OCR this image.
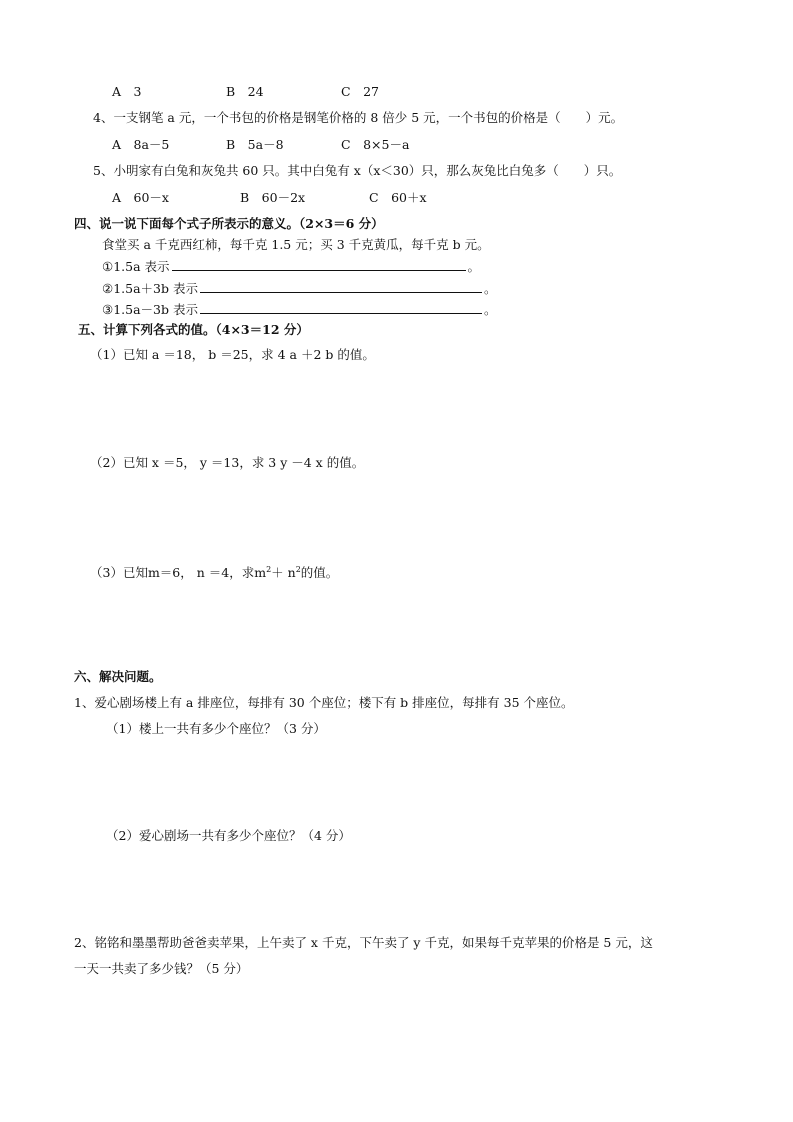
A　3	B　24	C　27
4、一支钢笔 a 元，一个书包的价格是钢笔价格的 8 倍少 5 元，一个书包的价格是（　　）元。
A　8a－5	B　5a－8	C　8×5－a
5、小明家有白兔和灰兔共 60 只。其中白兔有 x（x＜30）只，那么灰兔比白兔多（　　）只。
A　60－x	B　60－2x	C　60＋x
四、说一说下面每个式子所表示的意义。（2×3＝6 分）
食堂买 a 千克西红柿，每千克 1.5 元；买 3 千克黄瓜，每千克 b 元。
①1.5a 表示	。
②1.5a＋3b 表示	。
③1.5a－3b 表示	。
五、计算下列各式的值。（4×3＝12 分）
（1）已知 a ＝18， b ＝25，求 4 a ＋2 b 的值。
（2）已知 x ＝5， y ＝13，求 3 y －4 x 的值。
（3）已知m＝6， n ＝4，求$m^2+ n^2$的值。
六、解决问题。
1、爱心剧场楼上有 a 排座位，每排有 30 个座位；楼下有 b 排座位，每排有 35 个座位。
（1）楼上一共有多少个座位？（3 分）
（2）爱心剧场一共有多少个座位？（4 分）
2、铭铭和墨墨帮助爸爸卖苹果，上午卖了 x 千克，下午卖了 y 千克，如果每千克苹果的价格是 5 元，这
一天一共卖了多少钱？（5 分）
